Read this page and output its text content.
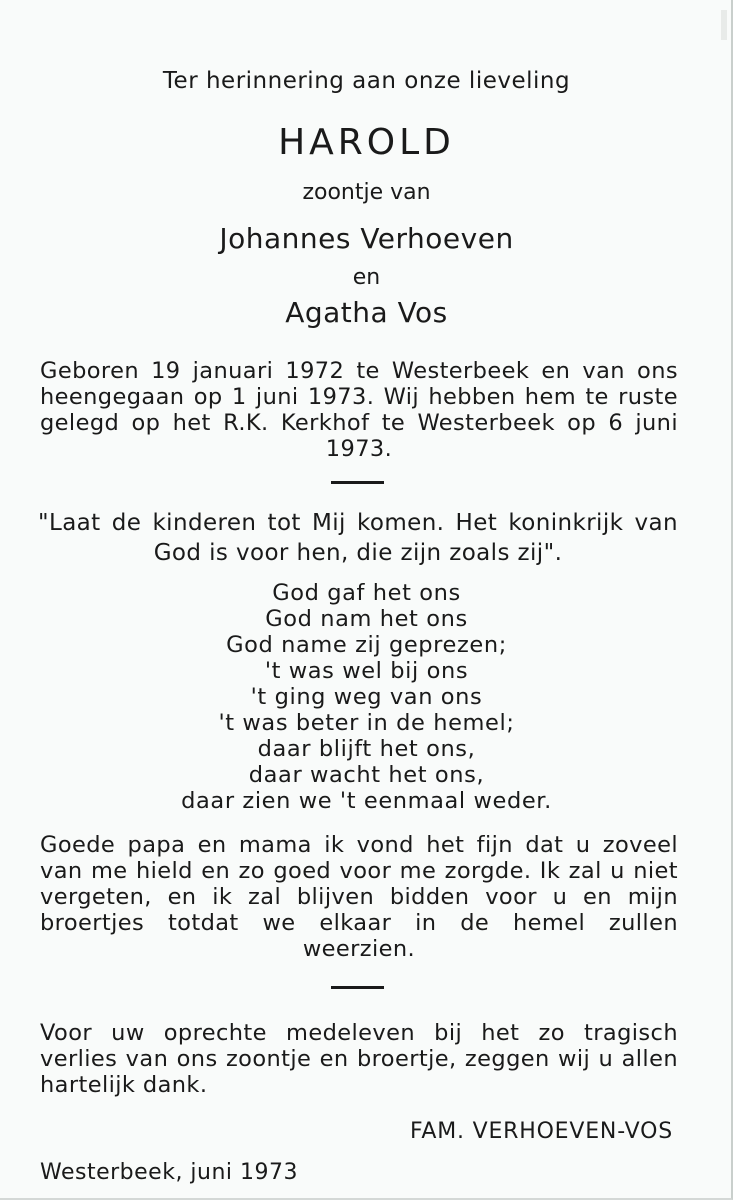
Ter herinnering aan onze lieveling
HAROLD
zoontje van
Johannes Verhoeven
en
Agatha Vos
Geboren 19 januari 1972 te Westerbeek en van ons heengegaan op 1 juni 1973. Wij hebben hem te ruste gelegd op het R.K. Kerkhof te Westerbeek op 6 juni 1973.
"Laat de kinderen tot Mij komen. Het koninkrijk van God is voor hen, die zijn zoals zij".
God gaf het ons
God nam het ons
God name zij geprezen;
't was wel bij ons
't ging weg van ons
't was beter in de hemel;
daar blijft het ons,
daar wacht het ons,
daar zien we 't eenmaal weder.
Goede papa en mama ik vond het fijn dat u zoveel van me hield en zo goed voor me zorgde. Ik zal u niet vergeten, en ik zal blijven bidden voor u en mijn broertjes totdat we elkaar in de hemel zullen weerzien.
Voor uw oprechte medeleven bij het zo tragisch verlies van ons zoontje en broertje, zeggen wij u allen hartelijk dank.
FAM. VERHOEVEN-VOS
Westerbeek, juni 1973
